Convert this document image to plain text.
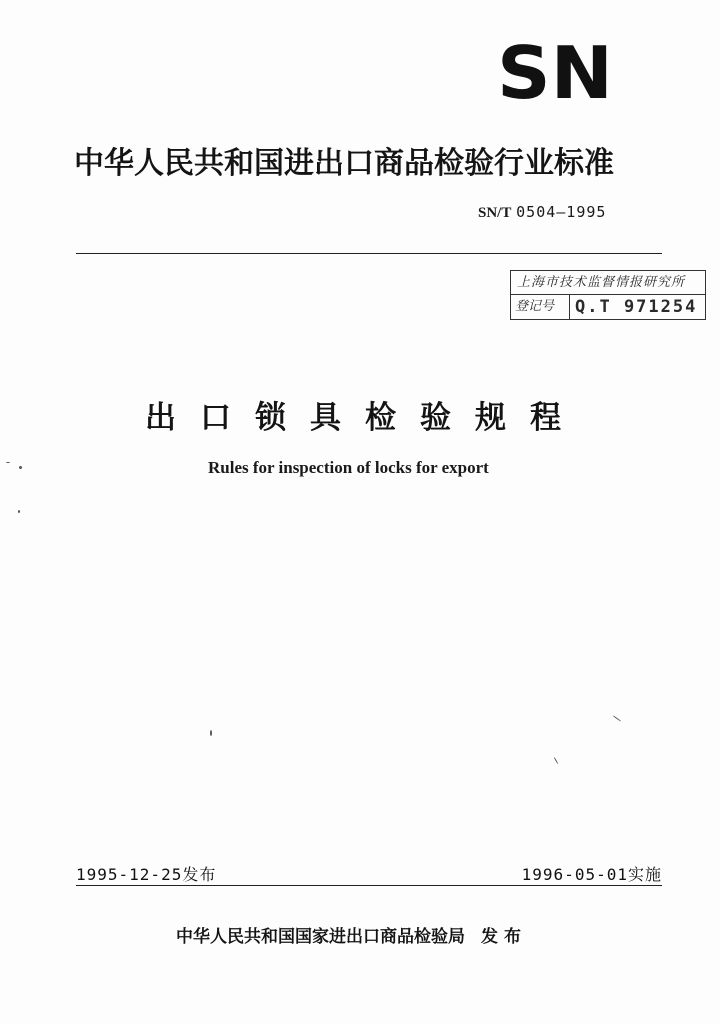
SN
中华人民共和国进出口商品检验行业标准
SN/T 0504—1995
上海市技术监督情报研究所
登记号	Q.T 971254
出口锁具检验规程
Rules for inspection of locks for export
1995-12-25发布	1996-05-01实施
中华人民共和国国家进出口商品检验局 发布
